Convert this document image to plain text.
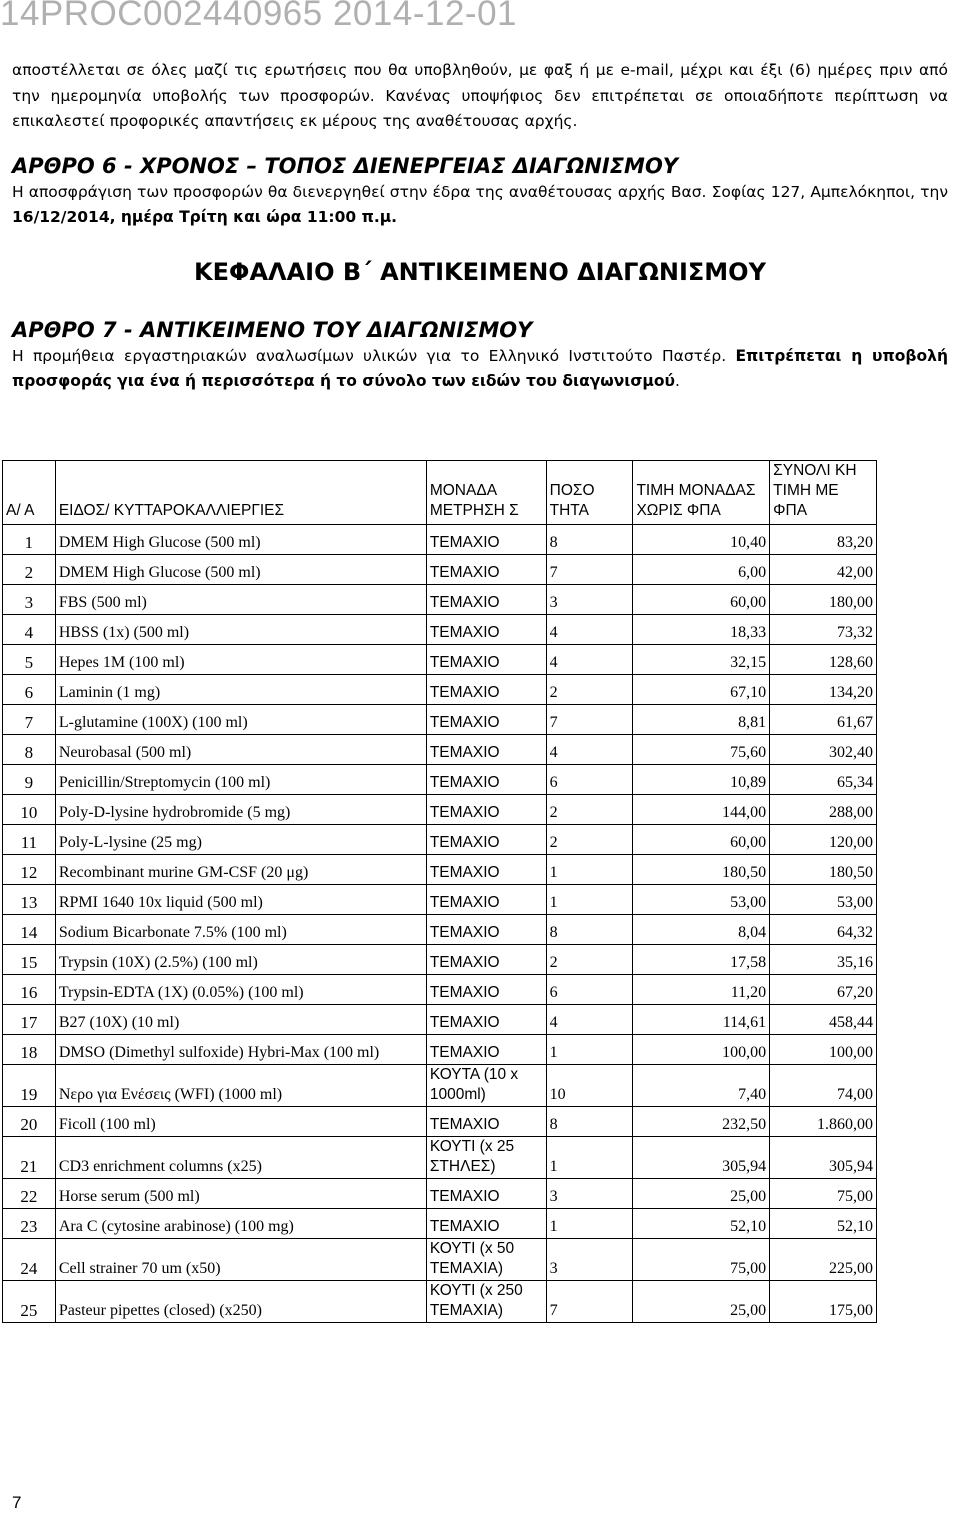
14PROC002440965 2014-12-01

αποστέλλεται σε όλες μαζί τις ερωτήσεις που θα υποβληθούν, με φαξ ή με e-mail, μέχρι και έξι (6) ημέρες πριν από την ημερομηνία υποβολής των προσφορών. Κανένας υποψήφιος δεν επιτρέπεται σε οποιαδήποτε περίπτωση να επικαλεστεί προφορικές απαντήσεις εκ μέρους της αναθέτουσας αρχής.

ΑΡΘΡΟ 6 - ΧΡΟΝΟΣ – ΤΟΠΟΣ ΔΙΕΝΕΡΓΕΙΑΣ ΔΙΑΓΩΝΙΣΜΟΥ

Η αποσφράγιση των προσφορών θα διενεργηθεί στην έδρα της αναθέτουσας αρχής Βασ. Σοφίας 127, Αμπελόκηποι, την 16/12/2014, ημέρα Τρίτη και ώρα 11:00 π.μ.

ΚΕΦΑΛΑΙΟ Β΄ ΑΝΤΙΚΕΙΜΕΝΟ ΔΙΑΓΩΝΙΣΜΟΥ
ΑΡΘΡΟ 7 - ΑΝΤΙΚΕΙΜΕΝΟ ΤΟΥ ΔΙΑΓΩΝΙΣΜΟΥ

Η προμήθεια εργαστηριακών αναλωσίμων υλικών για το Ελληνικό Ινστιτούτο Παστέρ. Επιτρέπεται η υποβολή προσφοράς για ένα ή περισσότερα ή το σύνολο των ειδών του διαγωνισμού.

Α/ Α	ΕΙΔΟΣ/ ΚΥΤΤΑΡΟΚΑΛΛΙΕΡΓΙΕΣ	ΜΟΝΑΔΑ ΜΕΤΡΗΣΗ Σ	ΠΟΣΟ ΤΗΤΑ	ΤΙΜΗ ΜΟΝΑΔΑΣ ΧΩΡΙΣ ΦΠΑ	ΣΥΝΟΛΙ ΚΗ ΤΙΜΗ ΜΕ ΦΠΑ
1	DMEM High Glucose (500 ml)	ΤΕΜΑΧΙΟ	8	10,40	83,20
2	DMEM High Glucose (500 ml)	ΤΕΜΑΧΙΟ	7	6,00	42,00
3	FBS (500 ml)	ΤΕΜΑΧΙΟ	3	60,00	180,00
4	HBSS (1x) (500 ml)	ΤΕΜΑΧΙΟ	4	18,33	73,32
5	Hepes 1M (100 ml)	ΤΕΜΑΧΙΟ	4	32,15	128,60
6	Laminin (1 mg)	ΤΕΜΑΧΙΟ	2	67,10	134,20
7	L-glutamine (100X) (100 ml)	ΤΕΜΑΧΙΟ	7	8,81	61,67
8	Neurobasal (500 ml)	ΤΕΜΑΧΙΟ	4	75,60	302,40
9	Penicillin/Streptomycin (100 ml)	ΤΕΜΑΧΙΟ	6	10,89	65,34
10	Poly-D-lysine hydrobromide (5 mg)	ΤΕΜΑΧΙΟ	2	144,00	288,00
11	Poly-L-lysine (25 mg)	ΤΕΜΑΧΙΟ	2	60,00	120,00
12	Recombinant murine GM-CSF (20 μg)	ΤΕΜΑΧΙΟ	1	180,50	180,50
13	RPMI 1640 10x liquid (500 ml)	ΤΕΜΑΧΙΟ	1	53,00	53,00
14	Sodium Bicarbonate 7.5% (100 ml)	ΤΕΜΑΧΙΟ	8	8,04	64,32
15	Trypsin (10X) (2.5%) (100 ml)	ΤΕΜΑΧΙΟ	2	17,58	35,16
16	Trypsin-EDTA (1X) (0.05%) (100 ml)	ΤΕΜΑΧΙΟ	6	11,20	67,20
17	B27 (10X) (10 ml)	ΤΕΜΑΧΙΟ	4	114,61	458,44
18	DMSO (Dimethyl sulfoxide) Hybri-Max (100 ml)	ΤΕΜΑΧΙΟ	1	100,00	100,00
19	Νερο για Ενέσεις (WFI) (1000 ml)	ΚΟΥΤΑ (10 x 1000ml)	10	7,40	74,00
20	Ficoll (100 ml)	ΤΕΜΑΧΙΟ	8	232,50	1.860,00
21	CD3 enrichment columns (x25)	ΚΟΥΤΙ (x 25 ΣΤΗΛΕΣ)	1	305,94	305,94
22	Horse serum (500 ml)	ΤΕΜΑΧΙΟ	3	25,00	75,00
23	Ara C (cytosine arabinose) (100 mg)	ΤΕΜΑΧΙΟ	1	52,10	52,10
24	Cell strainer 70 um (x50)	ΚΟΥΤΙ (x 50 ΤΕΜΑΧΙΑ)	3	75,00	225,00
25	Pasteur pipettes (closed) (x250)	ΚΟΥΤΙ (x 250 ΤΕΜΑΧΙΑ)	7	25,00	175,00
7
